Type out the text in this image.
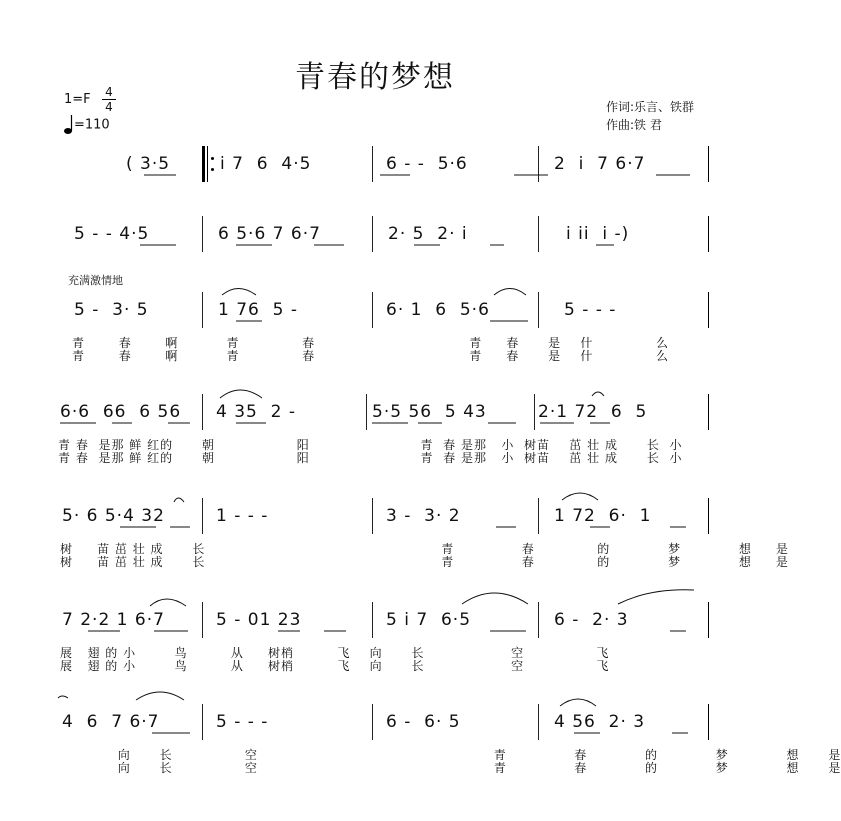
青春的梦想
1=F 4
4
=110
作词:乐言、铁群
作曲:铁 君
( 3·5	i 7  6  4·5	6 - -  5·6	2  i  7 6·7
5 - - 4·5	6 5·6 7 6·7	2· 5  2· i	i ii  i -)
充满激情地
5 -  3· 5	1 76  5 -	6· 1  6  5·6	5 - - -
青       春       啊          青             春                                青     春      是    什             么
青       春       啊          青             春                                青     春      是    什             么
6·6  66  6 56 4 35  2 -	5·5 56  5 43	2·1 72  6  5
青 春  是那 鲜 红的      朝                 阳                       青  春 是那   小  树苗    茁 壮 成      长  小
青 春  是那 鲜 红的      朝                 阳                       青  春 是那   小  树苗    茁 壮 成      长  小
5· 6 5·4 32	1 - - -	3 -  3· 2	1 72  6·  1
树     苗 茁 壮 成      长                                                 青              春             的            梦            想     是
树     苗 茁 壮 成      长                                                 青              春             的            梦            想     是
7 2·2 1 6·7	5 - 01 23	5 i 7  6·5	6 -  2· 3
展   翅 的 小        鸟         从     树梢         飞    向      长                  空               飞
展   翅 的 小        鸟         从     树梢         飞    向      长                  空               飞
4  6  7 6·7	5 - - -	6 -  6· 5	4 56  2· 3
向      长               空                                                 青              春            的            梦            想      是
向      长               空                                                 青              春            的            梦            想      是
